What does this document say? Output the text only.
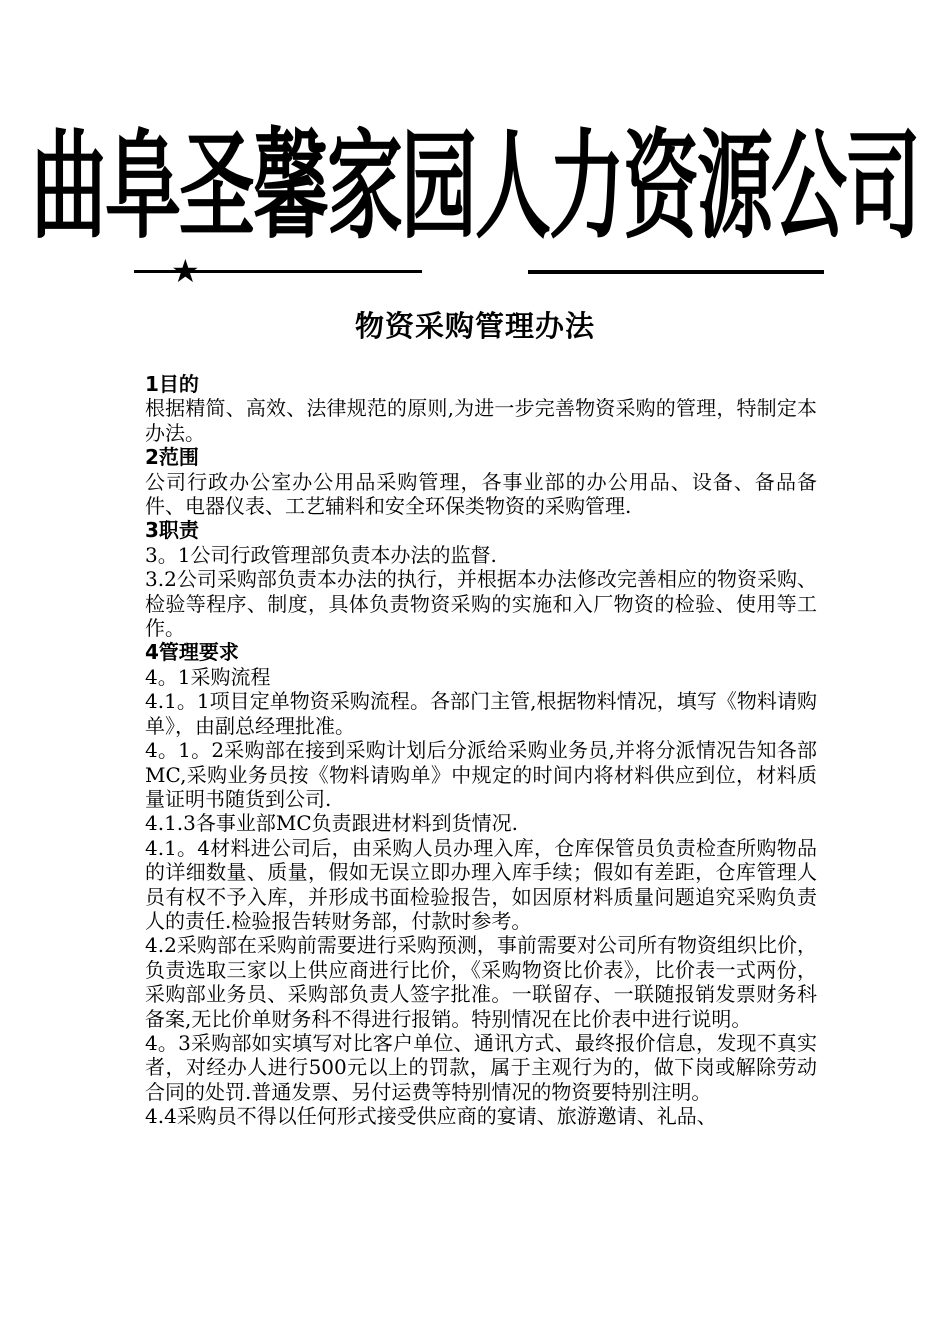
曲阜圣馨家园人力资源公司
★
物资采购管理办法
1目的

根据精简、高效、法律规范的原则,为进一步完善物资采购的管理，特制定本办法。

2范围

公司行政办公室办公用品采购管理，各事业部的办公用品、设备、备品备件、电器仪表、工艺辅料和安全环保类物资的采购管理.

3职责

3。1公司行政管理部负责本办法的监督.

3.2公司采购部负责本办法的执行，并根据本办法修改完善相应的物资采购、检验等程序、制度，具体负责物资采购的实施和入厂物资的检验、使用等工作。

4管理要求

4。1采购流程

4.1。1项目定单物资采购流程。各部门主管,根据物料情况，填写《物料请购单》，由副总经理批准。

4。1。2采购部在接到采购计划后分派给采购业务员,并将分派情况告知各部MC,采购业务员按《物料请购单》中规定的时间内将材料供应到位，材料质量证明书随货到公司.

4.1.3各事业部MC负责跟进材料到货情况.

4.1。4材料进公司后，由采购人员办理入库，仓库保管员负责检查所购物品的详细数量、质量，假如无误立即办理入库手续；假如有差距，仓库管理人员有权不予入库，并形成书面检验报告，如因原材料质量问题追究采购负责人的责任.检验报告转财务部，付款时参考。

4.2采购部在采购前需要进行采购预测，事前需要对公司所有物资组织比价，负责选取三家以上供应商进行比价，《采购物资比价表》，比价表一式两份，采购部业务员、采购部负责人签字批准。一联留存、一联随报销发票财务科备案,无比价单财务科不得进行报销。特别情况在比价表中进行说明。

4。3采购部如实填写对比客户单位、通讯方式、最终报价信息，发现不真实者，对经办人进行500元以上的罚款，属于主观行为的，做下岗或解除劳动合同的处罚.普通发票、另付运费等特别情况的物资要特别注明。

4.4采购员不得以任何形式接受供应商的宴请、旅游邀请、礼品、
